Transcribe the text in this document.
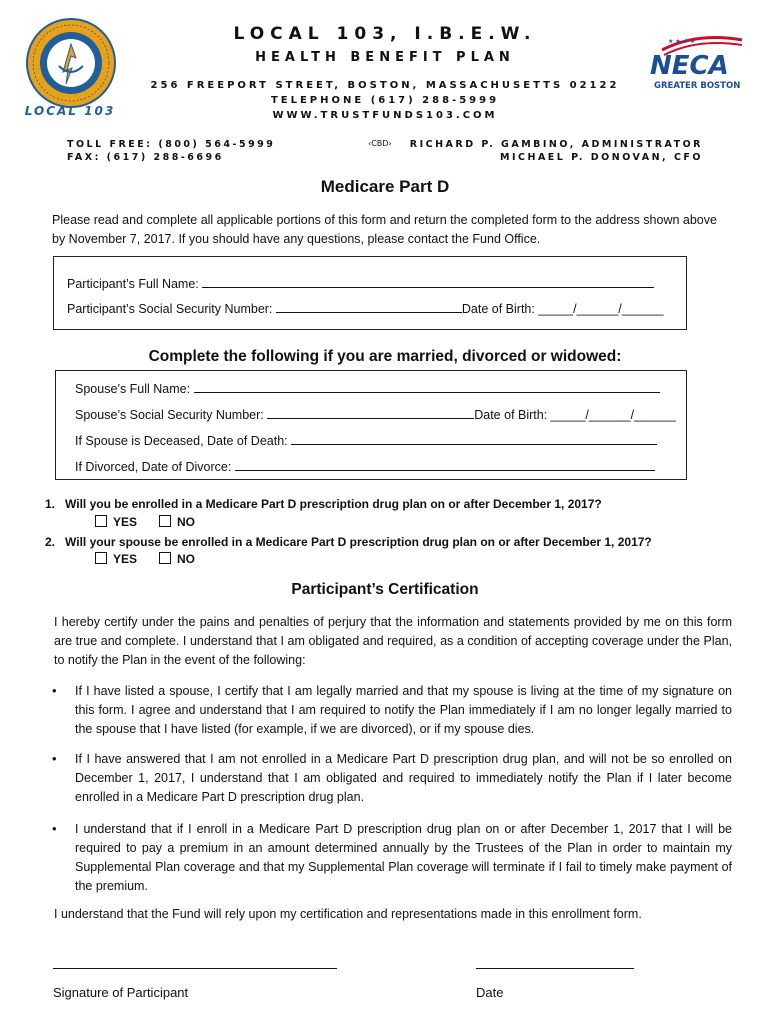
LOCAL 103
LOCAL 103, I.B.E.W.
HEALTH BENEFIT PLAN
256 FREEPORT STREET, BOSTON, MASSACHUSETTS 02122
TELEPHONE (617) 288-5999
WWW.TRUSTFUNDS103.COM
★ ★ ★ ★
NECA
GREATER BOSTON
TOLL FREE: (800) 564-5999
FAX: (617) 288-6696
‹CBD› RICHARD P. GAMBINO, ADMINISTRATOR
MICHAEL P. DONOVAN, CFO
Medicare Part D
Please read and complete all applicable portions of this form and return the completed form to the address shown above by November 7, 2017. If you should have any questions, please contact the Fund Office.
Participant’s Full Name:
Participant’s Social Security Number:	Date of Birth: _____/______/______
Complete the following if you are married, divorced or widowed:
Spouse’s Full Name:
Spouse’s Social Security Number:	Date of Birth: _____/______/______
If Spouse is Deceased, Date of Death:
If Divorced, Date of Divorce:
1. Will you be enrolled in a Medicare Part D prescription drug plan on or after December 1, 2017?
YES	NO
2. Will your spouse be enrolled in a Medicare Part D prescription drug plan on or after December 1, 2017?
YES	NO
Participant’s Certification
I hereby certify under the pains and penalties of perjury that the information and statements provided by me on this form are true and complete. I understand that I am obligated and required, as a condition of accepting coverage under the Plan, to notify the Plan in the event of the following:
• If I have listed a spouse, I certify that I am legally married and that my spouse is living at the time of my signature on this form. I agree and understand that I am required to notify the Plan immediately if I am no longer legally married to the spouse that I have listed (for example, if we are divorced), or if my spouse dies.
• If I have answered that I am not enrolled in a Medicare Part D prescription drug plan, and will not be so enrolled on December 1, 2017, I understand that I am obligated and required to immediately notify the Plan if I later become enrolled in a Medicare Part D prescription drug plan.
• I understand that if I enroll in a Medicare Part D prescription drug plan on or after December 1, 2017 that I will be required to pay a premium in an amount determined annually by the Trustees of the Plan in order to maintain my Supplemental Plan coverage and that my Supplemental Plan coverage will terminate if I fail to timely make payment of the premium.
I understand that the Fund will rely upon my certification and representations made in this enrollment form.
Signature of Participant	Date
